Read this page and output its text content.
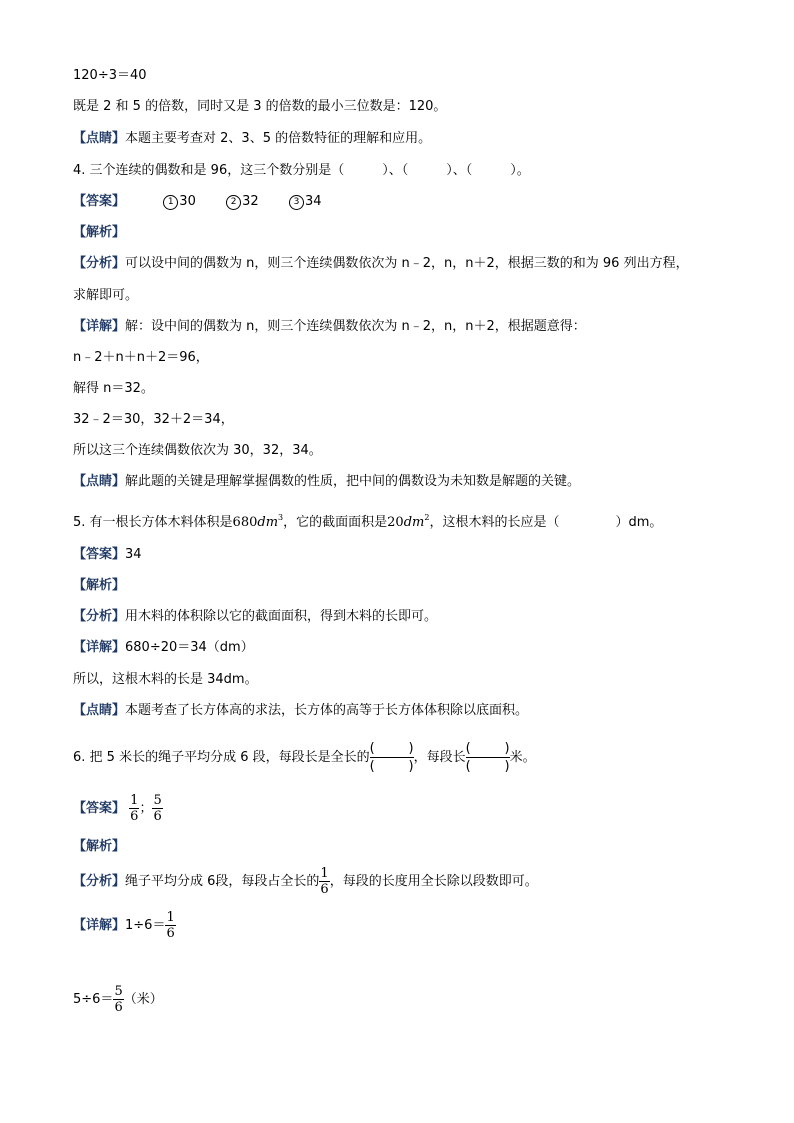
120÷3＝40
既是 2 和 5 的倍数，同时又是 3 的倍数的最小三位数是：120。
【点睛】本题主要考查对 2、3、5 的倍数特征的理解和应用。
4. 三个连续的偶数和是 96，这三个数分别是（	）、（	）、（	）。
【答案】	1 30	2 32	3 34
【解析】
【分析】可以设中间的偶数为 n，则三个连续偶数依次为 n﹣2，n，n＋2，根据三数的和为 96 列出方程，
求解即可。
【详解】解：设中间的偶数为 n，则三个连续偶数依次为 n﹣2，n，n＋2，根据题意得：
n﹣2＋n＋n＋2＝96，
解得 n＝32。
32﹣2＝30，32＋2＝34，
所以这三个连续偶数依次为 30，32，34。
【点睛】解此题的关键是理解掌握偶数的性质，把中间的偶数设为未知数是解题的关键。
5. 有一根长方体木料体积是$680dm^3$，它的截面面积是$20dm^2$，这根木料的长应是（	）dm。
【答案】34
【解析】
【分析】用木料的体积除以它的截面面积，得到木料的长即可。
【详解】680÷20＝34（dm）
所以，这根木料的长是 34dm。
【点睛】本题考查了长方体高的求法，长方体的高等于长方体体积除以底面积。
6. 把 5 米长的绳子平均分成 6 段，每段长是全长的 (	)
(	) ，每段长 (	)
(	) 米。
【答案】 $\frac{1}{6}$ ； $\frac{5}{6}$
【解析】
【分析】绳子平均分成 6段，每段占全长的 $\frac{1}{6}$ ，每段的长度用全长除以段数即可。
【详解】$1\div 6= \frac{1}{6}$
$5\div 6= \frac{5}{6}$ （米）
